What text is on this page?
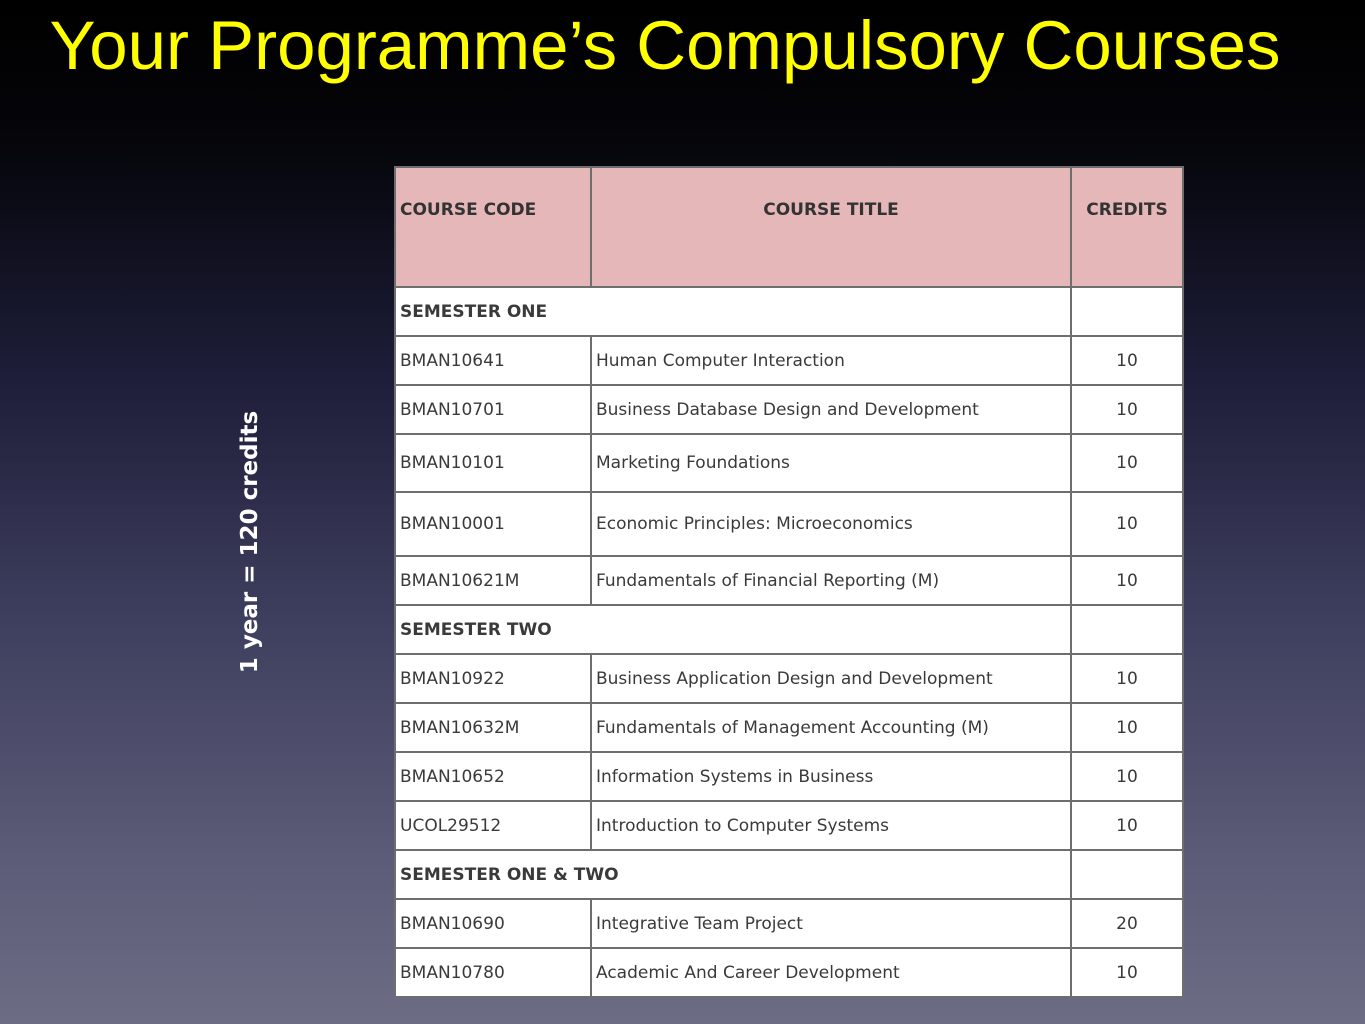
Your Programme’s Compulsory Courses
1 year = 120 credits
COURSE CODE	COURSE TITLE	CREDITS
SEMESTER ONE		
BMAN10641	Human Computer Interaction	10
BMAN10701	Business Database Design and Development	10
BMAN10101	Marketing Foundations	10
BMAN10001	Economic Principles: Microeconomics	10
BMAN10621M	Fundamentals of Financial Reporting (M)	10
SEMESTER TWO		
BMAN10922	Business Application Design and Development	10
BMAN10632M	Fundamentals of Management Accounting (M)	10
BMAN10652	Information Systems in Business	10
UCOL29512	Introduction to Computer Systems	10
SEMESTER ONE & TWO		
BMAN10690	Integrative Team Project	20
BMAN10780	Academic And Career Development	10
